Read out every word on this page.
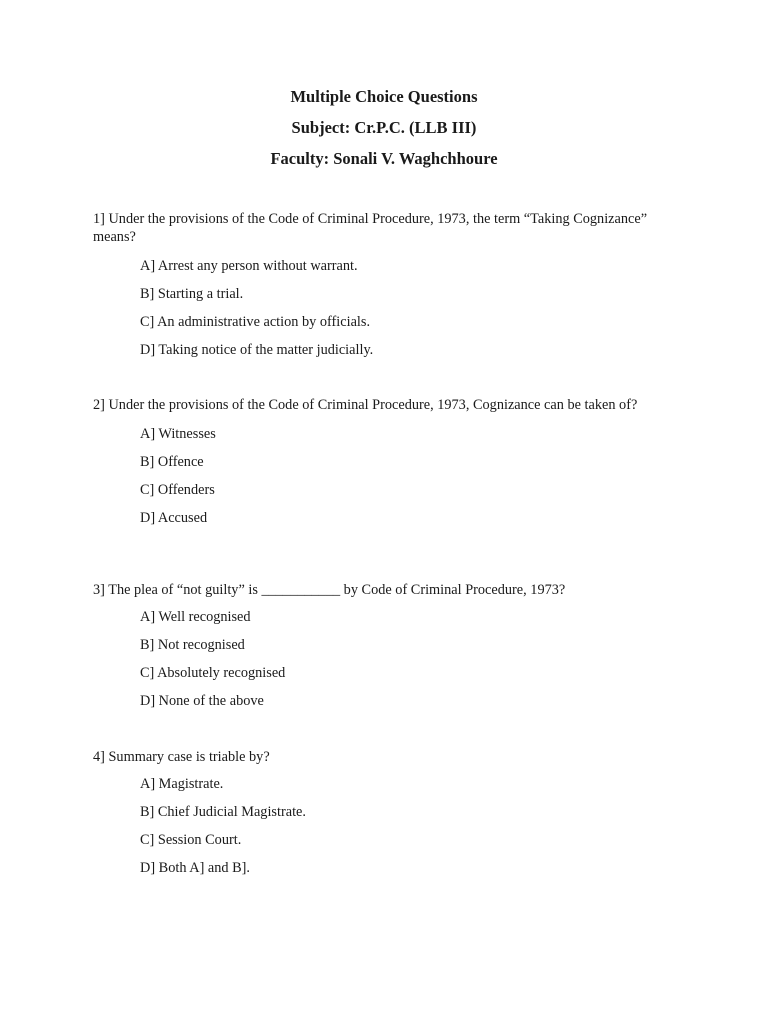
Multiple Choice Questions
Subject: Cr.P.C. (LLB III)
Faculty: Sonali V. Waghchhoure

1] Under the provisions of the Code of Criminal Procedure, 1973, the term “Taking Cognizance” means?

A] Arrest any person without warrant.
B] Starting a trial.
C] An administrative action by officials.
D] Taking notice of the matter judicially.

2] Under the provisions of the Code of Criminal Procedure, 1973, Cognizance can be taken of?

A] Witnesses
B] Offence
C] Offenders
D] Accused

3] The plea of “not guilty” is ___________ by Code of Criminal Procedure, 1973?

A] Well recognised
B] Not recognised
C] Absolutely recognised
D] None of the above

4] Summary case is triable by?

A] Magistrate.
B] Chief Judicial Magistrate.
C] Session Court.
D] Both A] and B].
